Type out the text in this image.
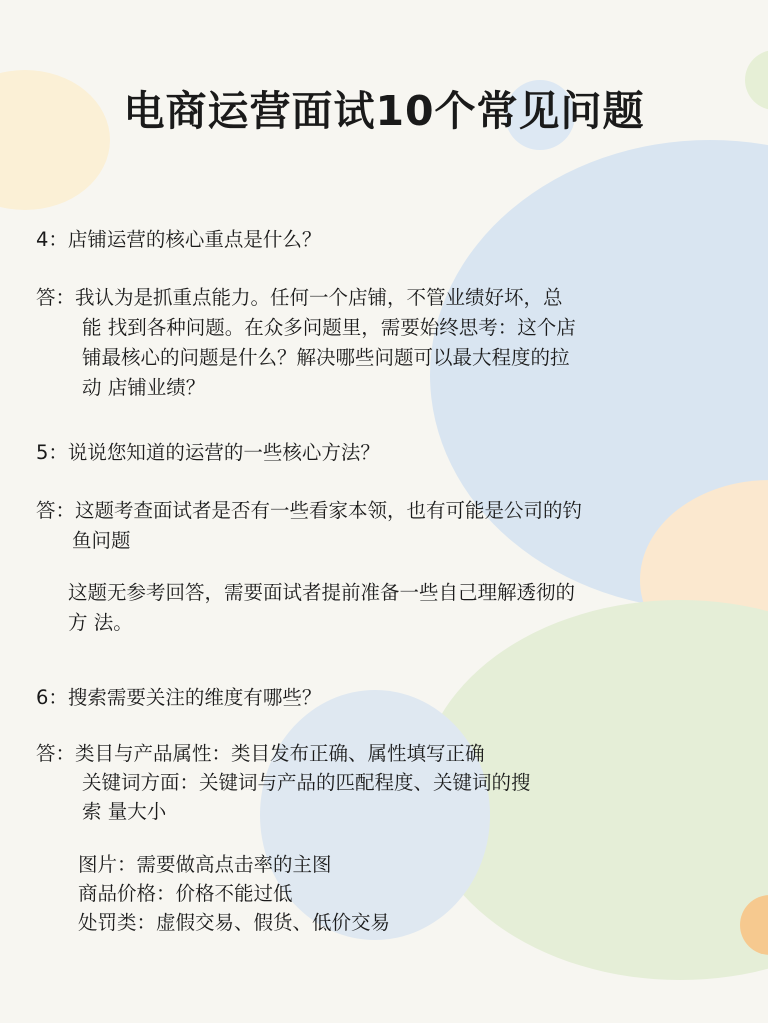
电商运营面试10个常见问题

4：店铺运营的核心重点是什么？

答：我认为是抓重点能力。任何一个店铺，不管业绩好坏，总

能 找到各种问题。在众多问题里，需要始终思考：这个店

铺最核心的问题是什么？解决哪些问题可以最大程度的拉

动 店铺业绩？

5：说说您知道的运营的一些核心方法？

答：这题考查面试者是否有一些看家本领，也有可能是公司的钓

鱼问题

这题无参考回答，需要面试者提前准备一些自己理解透彻的

方 法。

6：搜索需要关注的维度有哪些？

答：类目与产品属性：类目发布正确、属性填写正确

关键词方面：关键词与产品的匹配程度、关键词的搜

索 量大小

图片：需要做高点击率的主图

商品价格：价格不能过低

处罚类：虚假交易、假货、低价交易
